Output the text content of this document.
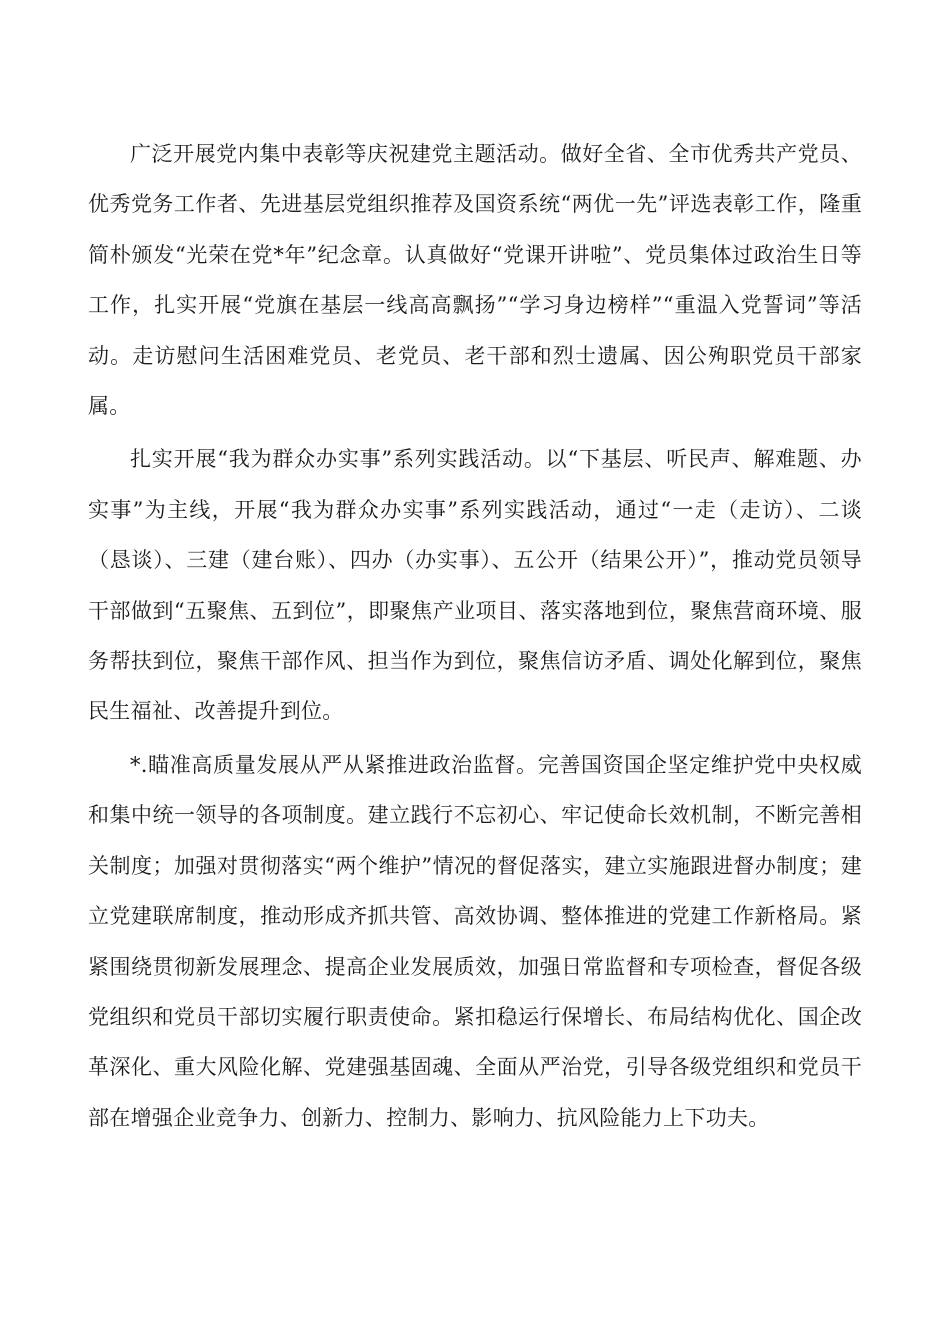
广泛开展党内集中表彰等庆祝建党主题活动。做好全省、全市优秀共产党员、优秀党务工作者、先进基层党组织推荐及国资系统“两优一先”评选表彰工作，隆重简朴颁发“光荣在党*年”纪念章。认真做好“党课开讲啦”、党员集体过政治生日等工作，扎实开展“党旗在基层一线高高飘扬”“学习身边榜样”“重温入党誓词”等活动。走访慰问生活困难党员、老党员、老干部和烈士遗属、因公殉职党员干部家属。

扎实开展“我为群众办实事”系列实践活动。以“下基层、听民声、解难题、办实事”为主线，开展“我为群众办实事”系列实践活动，通过“一走（走访）、二谈（恳谈）、三建（建台账）、四办（办实事）、五公开（结果公开）”，推动党员领导干部做到“五聚焦、五到位”，即聚焦产业项目、落实落地到位，聚焦营商环境、服务帮扶到位，聚焦干部作风、担当作为到位，聚焦信访矛盾、调处化解到位，聚焦民生福祉、改善提升到位。

*.瞄准高质量发展从严从紧推进政治监督。完善国资国企坚定维护党中央权威和集中统一领导的各项制度。建立践行不忘初心、牢记使命长效机制，不断完善相关制度；加强对贯彻落实“两个维护”情况的督促落实，建立实施跟进督办制度；建立党建联席制度，推动形成齐抓共管、高效协调、整体推进的党建工作新格局。紧紧围绕贯彻新发展理念、提高企业发展质效，加强日常监督和专项检查，督促各级党组织和党员干部切实履行职责使命。紧扣稳运行保增长、布局结构优化、国企改革深化、重大风险化解、党建强基固魂、全面从严治党，引导各级党组织和党员干部在增强企业竞争力、创新力、控制力、影响力、抗风险能力上下功夫。
